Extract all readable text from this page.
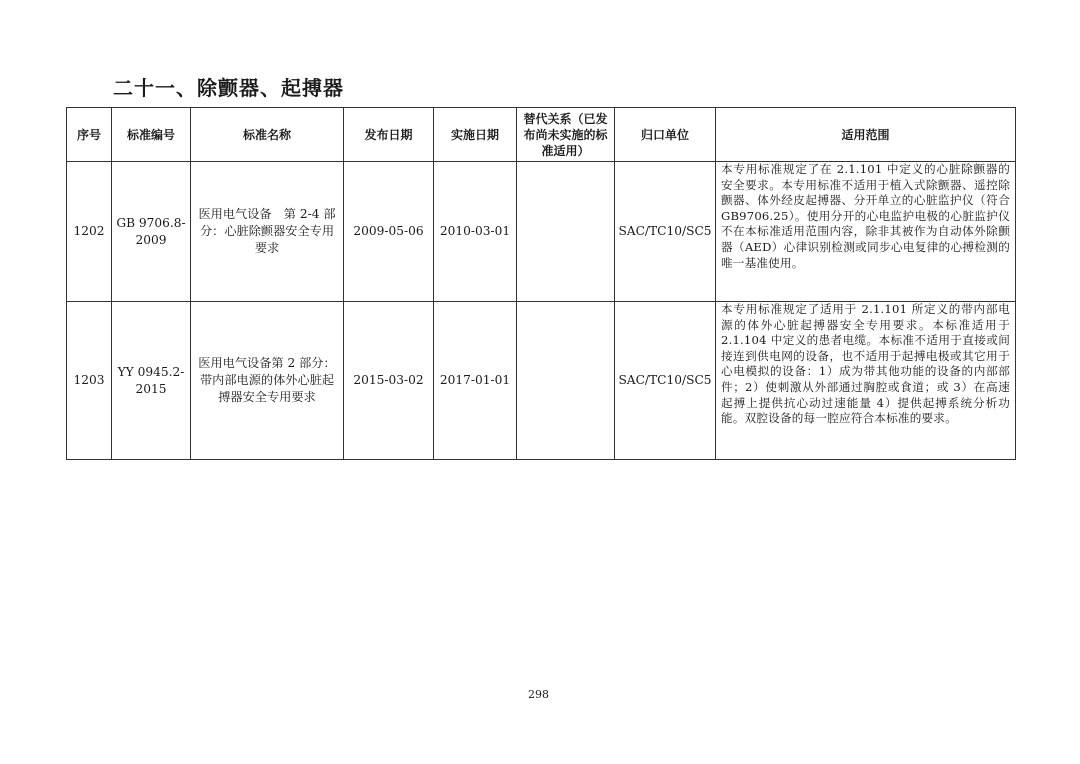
二十一、除颤器、起搏器
序号	标准编号	标准名称	发布日期	实施日期	替代关系（已发布尚未实施的标准适用）	归口单位	适用范围
1202	GB 9706.8-2009	医用电气设备　第 2-4 部分：心脏除颤器安全专用要求	2009-05-06	2010-03-01		SAC/TC10/SC5	本专用标准规定了在 2.1.101 中定义的心脏除颤器的安全要求。本专用标准不适用于植入式除颤器、遥控除颤器、体外经皮起搏器、分开单立的心脏监护仪（符合 GB9706.25）。使用分开的心电监护电极的心脏监护仪不在本标准适用范围内容，除非其被作为自动体外除颤器（AED）心律识别检测或同步心电复律的心搏检测的唯一基准使用。
1203	YY 0945.2-2015	医用电气设备第 2 部分：带内部电源的体外心脏起搏器安全专用要求	2015-03-02	2017-01-01		SAC/TC10/SC5	本专用标准规定了适用于 2.1.101 所定义的带内部电源的体外心脏起搏器安全专用要求。本标准适用于 2.1.104 中定义的患者电缆。本标准不适用于直接或间接连到供电网的设备，也不适用于起搏电极或其它用于心电模拟的设备：1）成为带其他功能的设备的内部部件；2）使刺激从外部通过胸腔或食道；或 3）在高速起搏上提供抗心动过速能量 4）提供起搏系统分析功能。双腔设备的每一腔应符合本标准的要求。

298
